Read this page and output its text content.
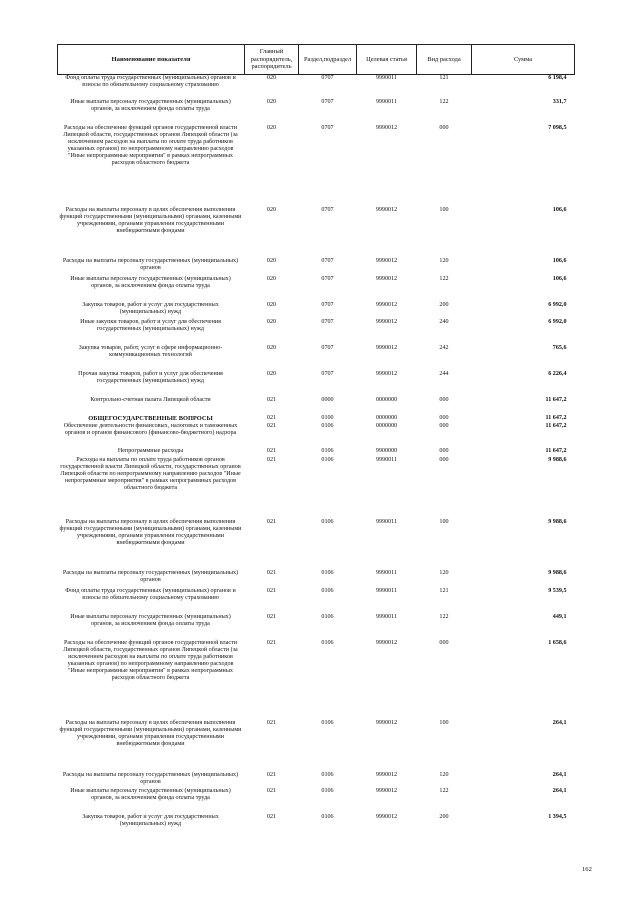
Наименование показателя	Главный распорядитель, распорядитель	Раздел,подраздел	Целевая статья	Вид расхода	Сумма
Фонд оплаты труда государственных (муниципальных) органов и взносы по обязательному социальному страхованию	020	0707	9990011	121	6 198,4
Иные выплаты персоналу государственных (муниципальных) органов, за исключением фонда оплаты труда	020	0707	9990011	122	331,7
Расходы на обеспечение функций органов государственной власти Липецкой области, государственных органов Липецкой области (за исключением расходов на выплаты по оплате труда работников указанных органов) по непрограммному направлению расходов "Иные непрограммные мероприятия" в рамках непрограммных расходов областного бюджета	020	0707	9990012	000	7 098,5
Расходы на выплаты персоналу в целях обеспечения выполнения функций государственными (муниципальными) органами, казенными учреждениями, органами управления государственными внебюджетными фондами	020	0707	9990012	100	106,6
Расходы на выплаты персоналу государственных (муниципальных) органов	020	0707	9990012	120	106,6
Иные выплаты персоналу государственных (муниципальных) органов, за исключением фонда оплаты труда	020	0707	9990012	122	106,6
Закупка товаров, работ и услуг для государственных (муниципальных) нужд	020	0707	9990012	200	6 992,0
Иные закупки товаров, работ и услуг для обеспечения государственных (муниципальных) нужд	020	0707	9990012	240	6 992,0
Закупка товаров, работ, услуг в сфере информационно-коммуникационных технологий	020	0707	9990012	242	765,6
Прочая закупка товаров, работ и услуг для обеспечения государственных (муниципальных) нужд	020	0707	9990012	244	6 226,4
Контрольно-счетная палата Липецкой области	021	0000	0000000	000	11 647,2
ОБЩЕГОСУДАРСТВЕННЫЕ ВОПРОСЫ	021	0100	0000000	000	11 647,2
Обеспечение деятельности финансовых, налоговых и таможенных органов и органов финансового (финансово-бюджетного) надзора	021	0106	0000000	000	11 647,2
Непрограммные расходы	021	0106	9900000	000	11 647,2
Расходы на выплаты по оплате труда работников органов государственной власти Липецкой области, государственных органов Липецкой области по непрограммному направлению расходов "Иные непрограммные мероприятия" в рамках непрограммных расходов областного бюджета	021	0106	9990011	000	9 988,6
Расходы на выплаты персоналу в целях обеспечения выполнения функций государственными (муниципальными) органами, казенными учреждениями, органами управления государственными внебюджетными фондами	021	0106	9990011	100	9 988,6
Расходы на выплаты персоналу государственных (муниципальных) органов	021	0106	9990011	120	9 988,6
Фонд оплаты труда государственных (муниципальных) органов и взносы по обязательному социальному страхованию	021	0106	9990011	121	9 539,5
Иные выплаты персоналу государственных (муниципальных) органов, за исключением фонда оплаты труда	021	0106	9990011	122	449,1
Расходы на обеспечение функций органов государственной власти Липецкой области, государственных органов Липецкой области (за исключением расходов на выплаты по оплате труда работников указанных органов) по непрограммному направлению расходов "Иные непрограммные мероприятия" в рамках непрограммных расходов областного бюджета	021	0106	9990012	000	1 658,6
Расходы на выплаты персоналу в целях обеспечения выполнения функций государственными (муниципальными) органами, казенными учреждениями, органами управления государственными внебюджетными фондами	021	0106	9990012	100	264,1
Расходы на выплаты персоналу государственных (муниципальных) органов	021	0106	9990012	120	264,1
Иные выплаты персоналу государственных (муниципальных) органов, за исключением фонда оплаты труда	021	0106	9990012	122	264,1
Закупка товаров, работ и услуг для государственных (муниципальных) нужд	021	0106	9990012	200	1 394,5
162
